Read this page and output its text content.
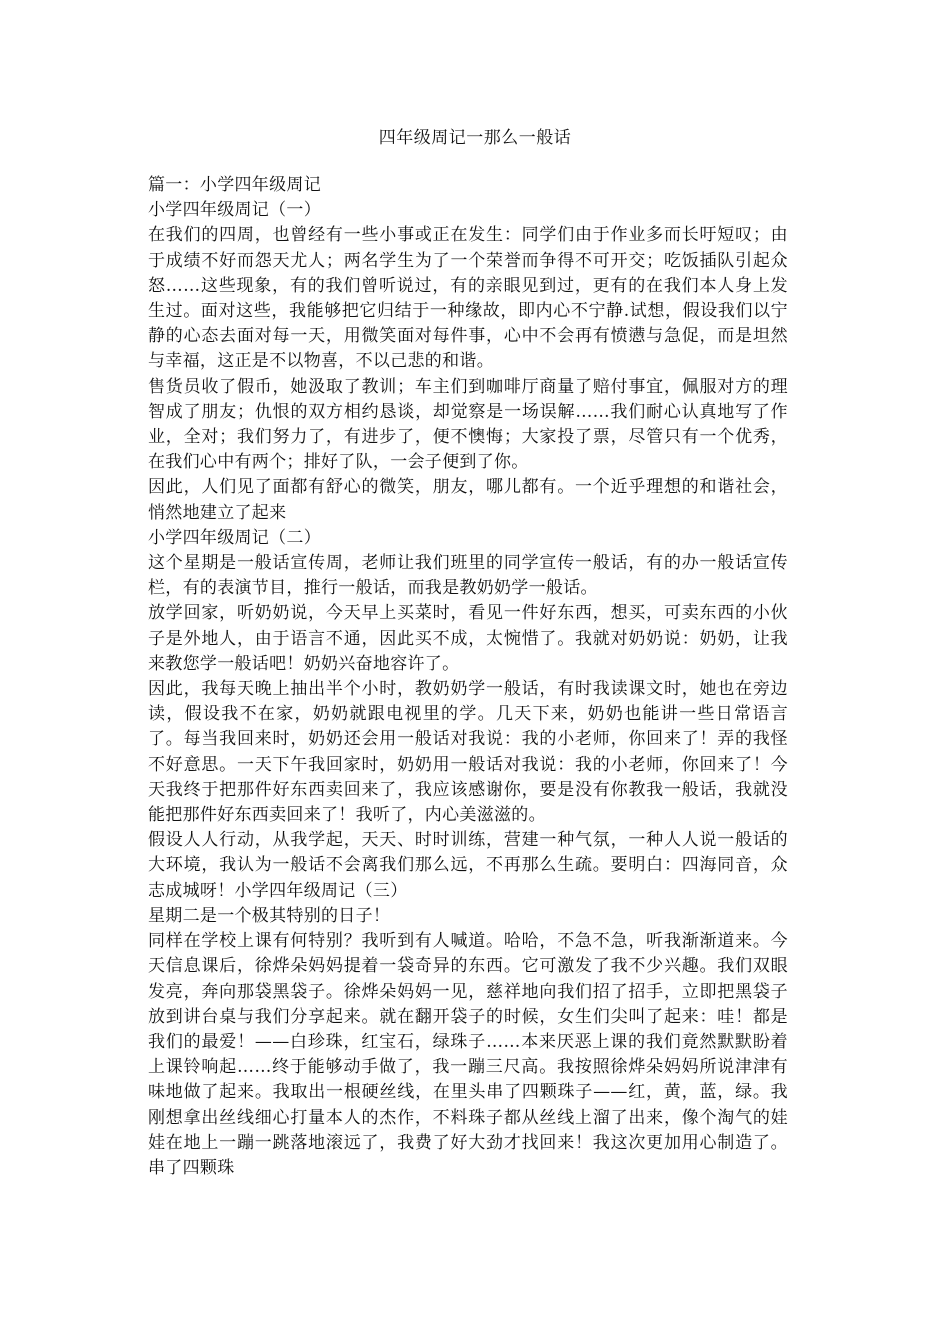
四年级周记一那么一般话

篇一：小学四年级周记

小学四年级周记（一）

在我们的四周，也曾经有一些小事或正在发生：同学们由于作业多而长吁短叹；由于成绩不好而怨天尤人；两名学生为了一个荣誉而争得不可开交；吃饭插队引起众怒……这些现象，有的我们曾听说过，有的亲眼见到过，更有的在我们本人身上发生过。面对这些，我能够把它归结于一种缘故，即内心不宁静.试想，假设我们以宁静的心态去面对每一天，用微笑面对每件事，心中不会再有愤懑与急促，而是坦然与幸福，这正是不以物喜，不以己悲的和谐。

售货员收了假币，她汲取了教训；车主们到咖啡厅商量了赔付事宜，佩服对方的理智成了朋友；仇恨的双方相约恳谈，却觉察是一场误解……我们耐心认真地写了作业，全对；我们努力了，有进步了，便不懊悔；大家投了票，尽管只有一个优秀，在我们心中有两个；排好了队，一会子便到了你。

因此，人们见了面都有舒心的微笑，朋友，哪儿都有。一个近乎理想的和谐社会，悄然地建立了起来

小学四年级周记（二）

这个星期是一般话宣传周，老师让我们班里的同学宣传一般话，有的办一般话宣传栏，有的表演节目，推行一般话，而我是教奶奶学一般话。

放学回家，听奶奶说，今天早上买菜时，看见一件好东西，想买，可卖东西的小伙子是外地人，由于语言不通，因此买不成，太惋惜了。我就对奶奶说：奶奶，让我来教您学一般话吧！奶奶兴奋地容许了。

因此，我每天晚上抽出半个小时，教奶奶学一般话，有时我读课文时，她也在旁边读，假设我不在家，奶奶就跟电视里的学。几天下来，奶奶也能讲一些日常语言了。每当我回来时，奶奶还会用一般话对我说：我的小老师，你回来了！弄的我怪不好意思。一天下午我回家时，奶奶用一般话对我说：我的小老师，你回来了！今天我终于把那件好东西卖回来了，我应该感谢你，要是没有你教我一般话，我就没能把那件好东西卖回来了！我听了，内心美滋滋的。

假设人人行动，从我学起，天天、时时训练，营建一种气氛，一种人人说一般话的大环境，我认为一般话不会离我们那么远，不再那么生疏。要明白：四海同音，众志成城呀！小学四年级周记（三）

星期二是一个极其特别的日子！

同样在学校上课有何特别？我听到有人喊道。哈哈，不急不急，听我渐渐道来。今天信息课后，徐烨朵妈妈提着一袋奇异的东西。它可激发了我不少兴趣。我们双眼发亮，奔向那袋黑袋子。徐烨朵妈妈一见，慈祥地向我们招了招手，立即把黑袋子放到讲台桌与我们分享起来。就在翻开袋子的时候，女生们尖叫了起来：哇！都是我们的最爱！——白珍珠，红宝石，绿珠子……本来厌恶上课的我们竟然默默盼着上课铃响起……终于能够动手做了，我一蹦三尺高。我按照徐烨朵妈妈所说津津有味地做了起来。我取出一根硬丝线，在里头串了四颗珠子——红，黄，蓝，绿。我刚想拿出丝线细心打量本人的杰作，不料珠子都从丝线上溜了出来，像个淘气的娃娃在地上一蹦一跳落地滚远了，我费了好大劲才找回来！我这次更加用心制造了。串了四颗珠
